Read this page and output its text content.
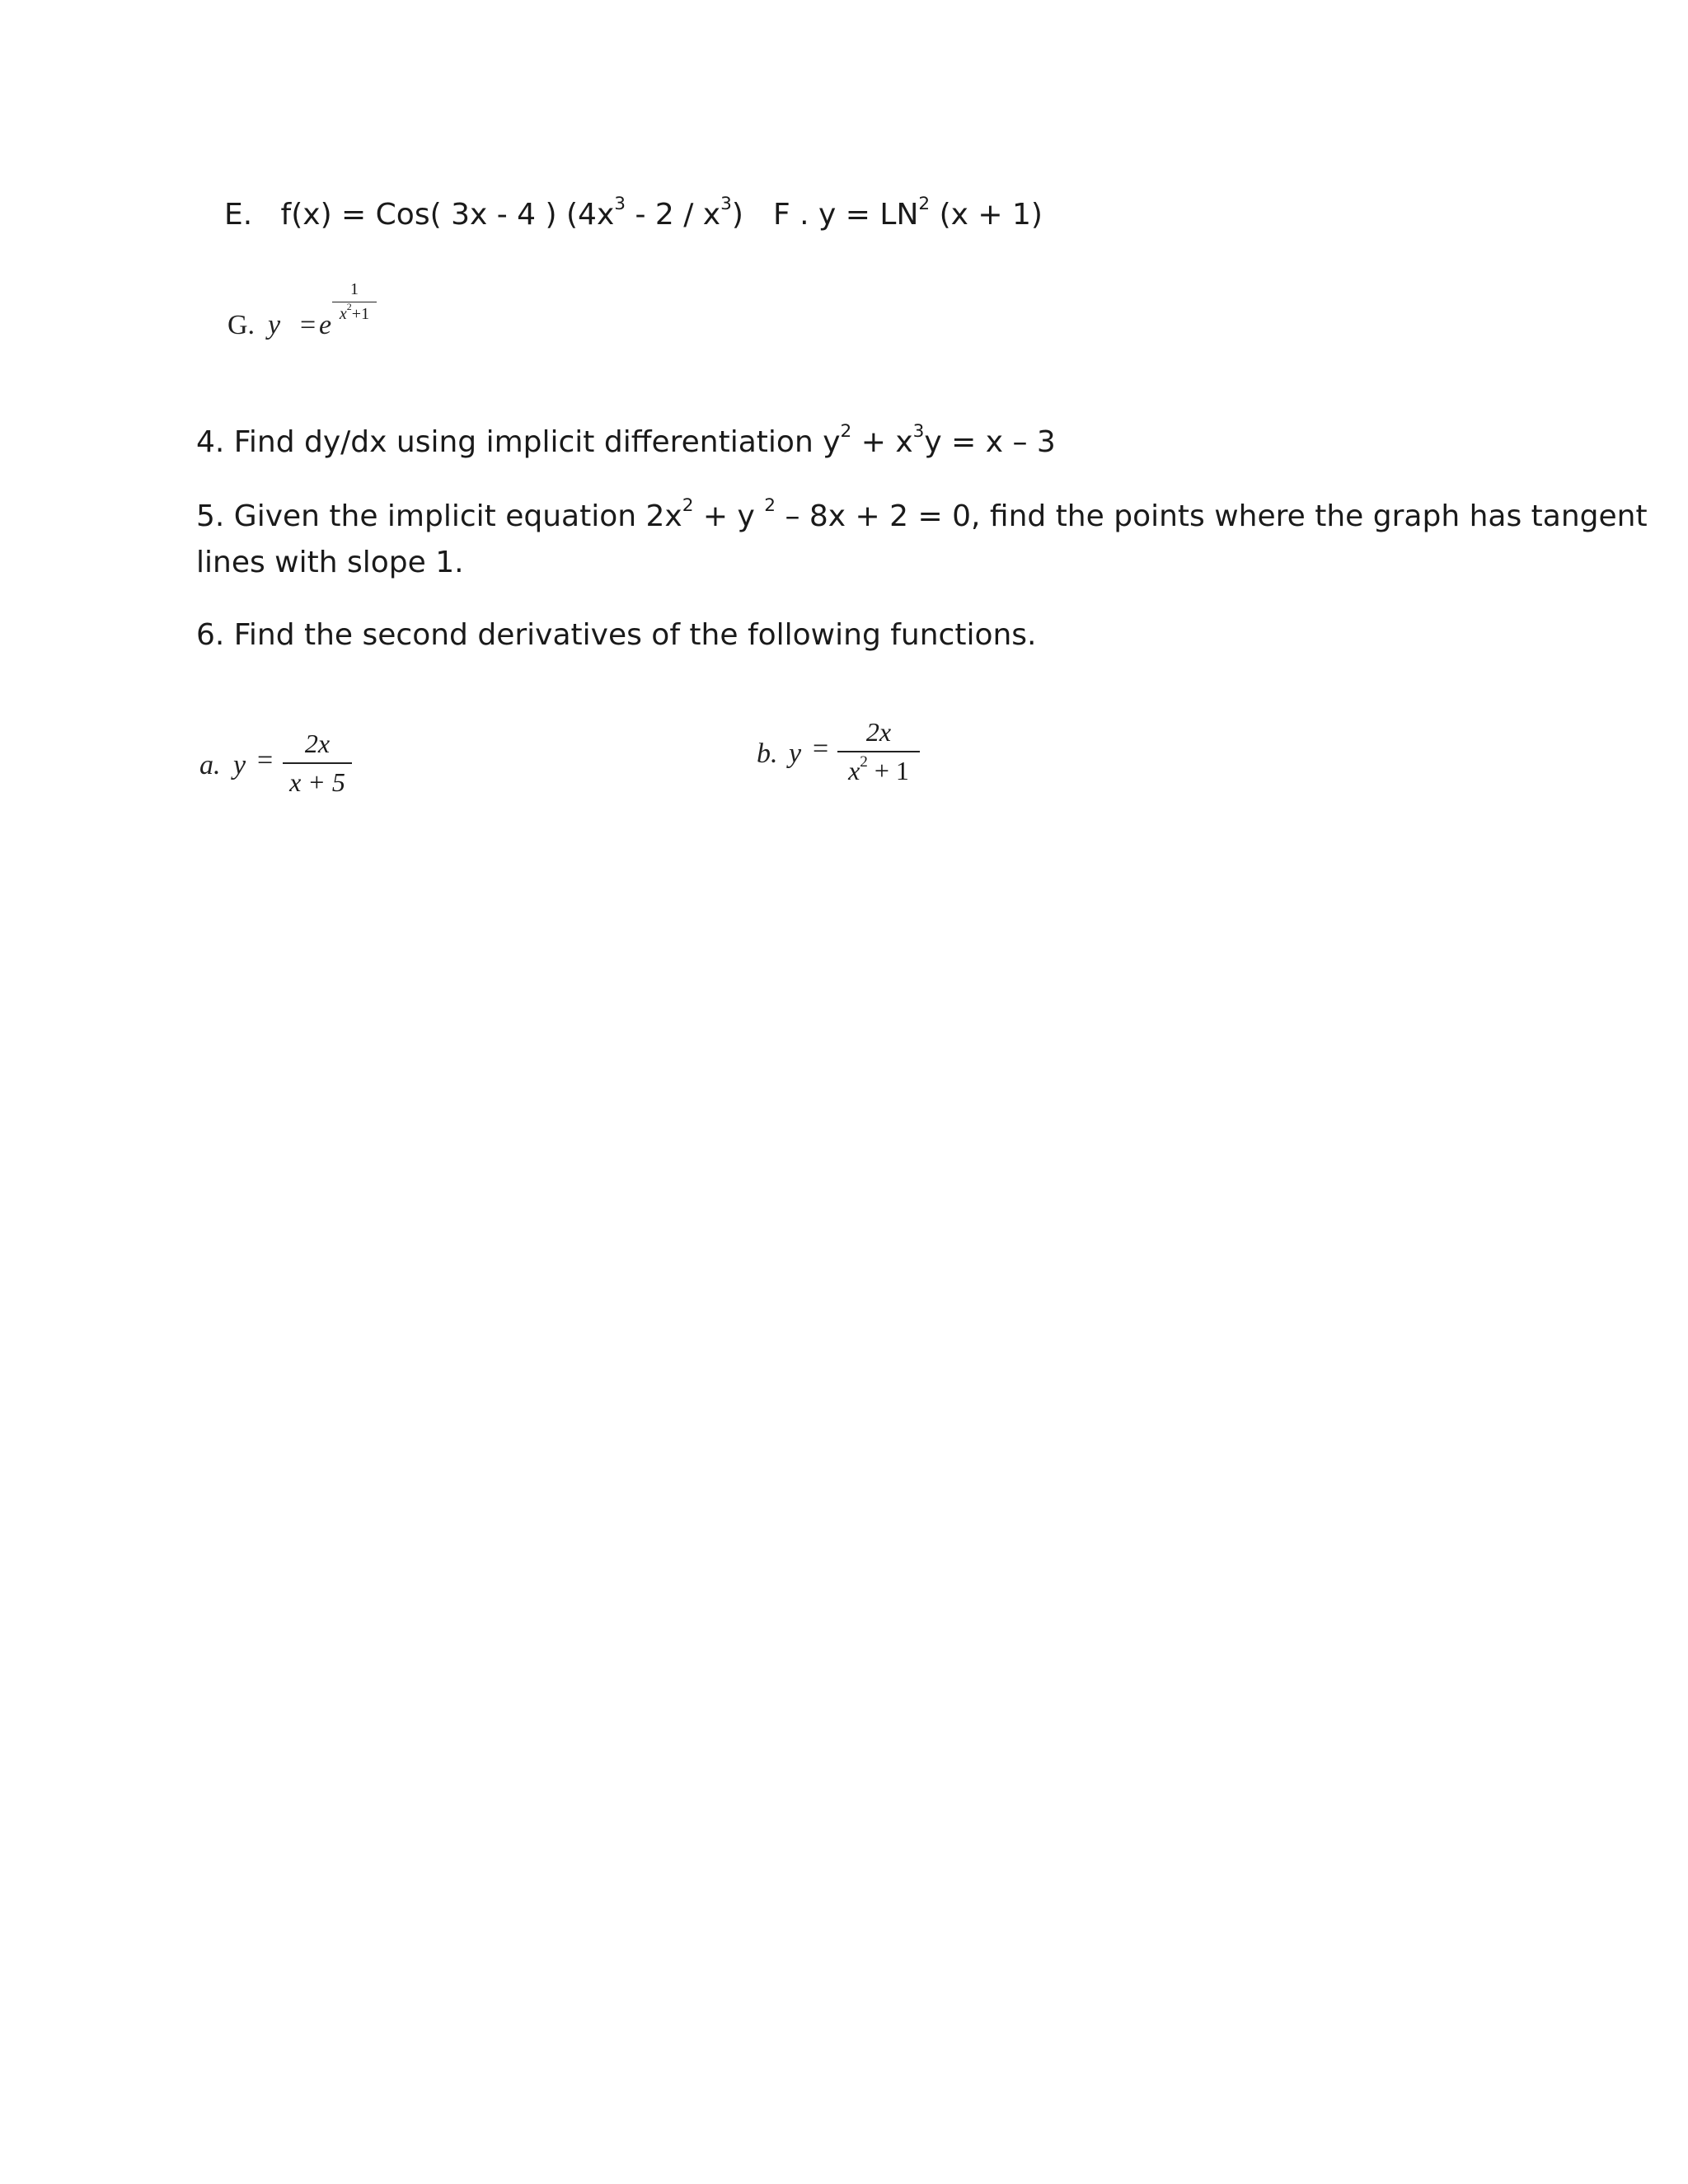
E. f(x) = Cos( 3x - 4 ) $(4x^3 - 2 / x^3)$ F . $y = LN^2$ (x + 1)
G. y = e
1
$x^2+1$
4. Find dy/dx using implicit differentiation $y^2 + x^3y = x - 3$
5. Given the implicit equation $2x^2 + y$ $^2$ – 8x + 2 = 0, find the points where the graph has tangent
lines with slope 1.
6. Find the second derivatives of the following functions.
a. y =
2x
x + 5
b. y =
2x
$x^2 + 1$
